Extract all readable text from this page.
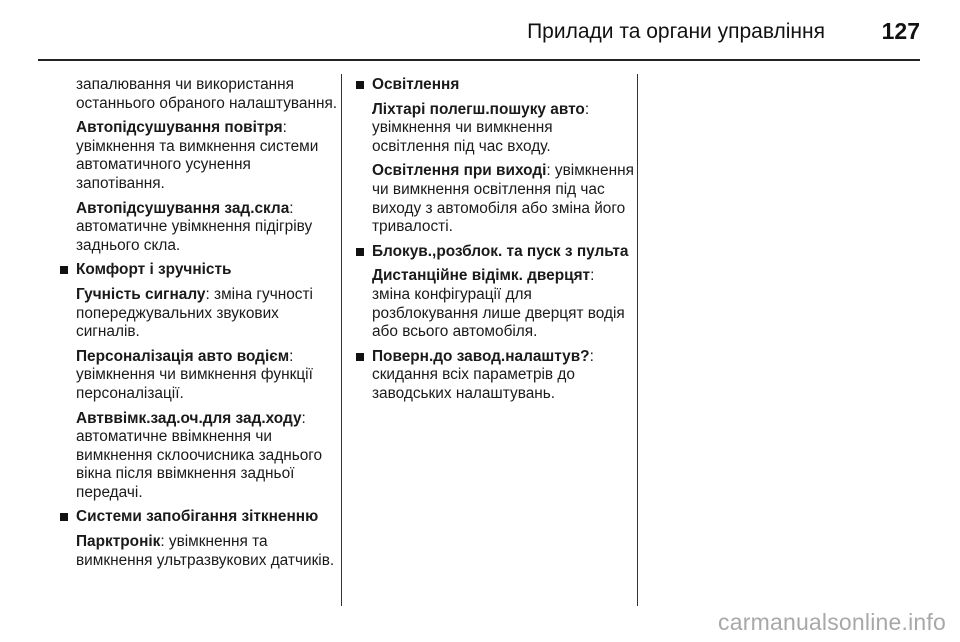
Прилади та органи управління 127

запалювання чи використання останнього обраного налаштування.

Автопідсушування повітря: увімкнення та вимкнення системи автоматичного усунення запотівання.

Автопідсушування зад.скла: автоматичне увімкнення підігріву заднього скла.

Комфорт і зручність

Гучність сигналу: зміна гучності попереджувальних звукових сигналів.

Персоналізація авто водієм: увімкнення чи вимкнення функції персоналізації.

Автввімк.зад.оч.для зад.ходу: автоматичне ввімкнення чи вимкнення склоочисника заднього вікна після ввімкнення задньої передачі.

Системи запобігання зіткненню

Парктронік: увімкнення та вимкнення ультразвукових датчиків.

Освітлення

Ліхтарі полегш.пошуку авто: увімкнення чи вимкнення освітлення під час входу.

Освітлення при виході: увімкнення чи вимкнення освітлення під час виходу з автомобіля або зміна його тривалості.

Блокув.,розблок. та пуск з пульта

Дистанційне відімк. дверцят: зміна конфігурації для розблокування лише дверцят водія або всього автомобіля.

Поверн.до завод.налаштув?: скидання всіх параметрів до заводських налаштувань.
carmanualsonline.info
